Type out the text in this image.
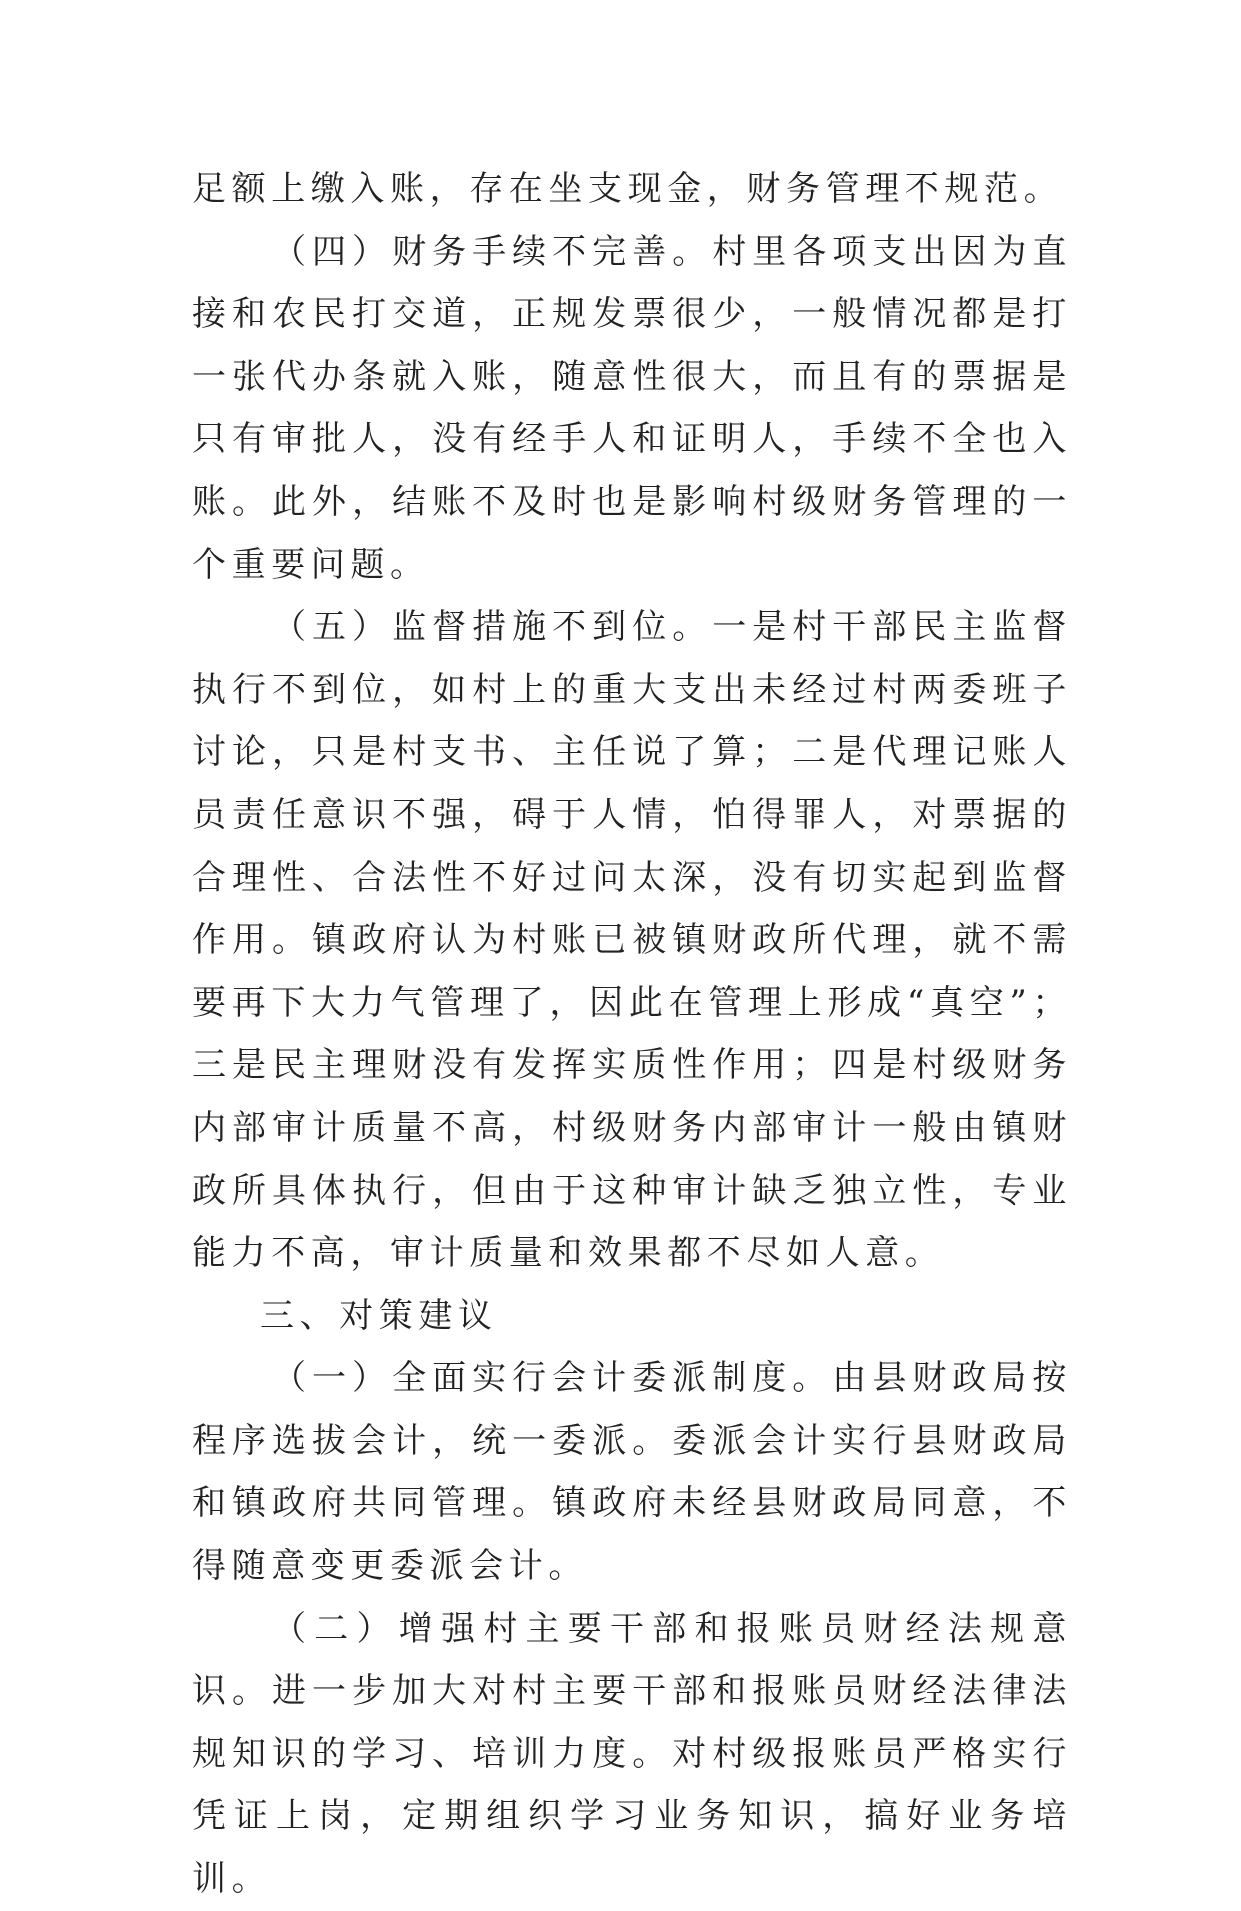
足额上缴入账，存在坐支现金，财务管理不规范。

（四）财务手续不完善。村里各项支出因为直接和农民打交道，正规发票很少，一般情况都是打一张代办条就入账，随意性很大，而且有的票据是只有审批人，没有经手人和证明人，手续不全也入账。此外，结账不及时也是影响村级财务管理的一个重要问题。

（五）监督措施不到位。一是村干部民主监督执行不到位，如村上的重大支出未经过村两委班子讨论，只是村支书、主任说了算；二是代理记账人员责任意识不强，碍于人情，怕得罪人，对票据的合理性、合法性不好过问太深，没有切实起到监督作用。镇政府认为村账已被镇财政所代理，就不需要再下大力气管理了，因此在管理上形成“真空”；三是民主理财没有发挥实质性作用；四是村级财务内部审计质量不高，村级财务内部审计一般由镇财政所具体执行，但由于这种审计缺乏独立性，专业能力不高，审计质量和效果都不尽如人意。

三、对策建议

（一）全面实行会计委派制度。由县财政局按程序选拔会计，统一委派。委派会计实行县财政局和镇政府共同管理。镇政府未经县财政局同意，不得随意变更委派会计。

（二）增强村主要干部和报账员财经法规意识。进一步加大对村主要干部和报账员财经法律法规知识的学习、培训力度。对村级报账员严格实行凭证上岗，定期组织学习业务知识，搞好业务培训。
